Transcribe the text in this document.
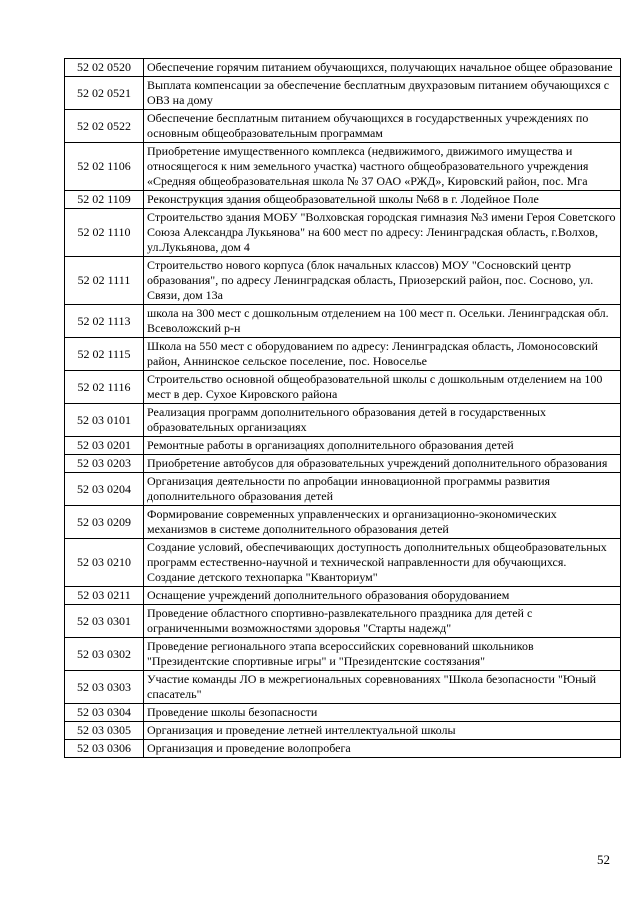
52 02 0520	Обеспечение горячим питанием обучающихся, получающих начальное общее образование
52 02 0521	Выплата компенсации за обеспечение бесплатным двухразовым питанием обучающихся с ОВЗ на дому
52 02 0522	Обеспечение бесплатным питанием обучающихся в государственных учреждениях по основным общеобразовательным программам
52 02 1106	Приобретение имущественного комплекса (недвижимого, движимого имущества и относящегося к ним земельного участка) частного общеобразовательного учреждения «Средняя общеобразовательная школа № 37 ОАО «РЖД», Кировский район, пос. Мга
52 02 1109	Реконструкция здания общеобразовательной школы №68 в г. Лодейное Поле
52 02 1110	Строительство здания МОБУ "Волховская городская гимназия №3 имени Героя Советского Союза Александра Лукьянова" на 600 мест по адресу: Ленинградская область, г.Волхов, ул.Лукьянова, дом 4
52 02 1111	Строительство нового корпуса (блок начальных классов) МОУ "Сосновский центр образования", по адресу Ленинградская область, Приозерский район, пос. Сосново, ул. Связи, дом 13а
52 02 1113	школа на 300 мест с дошкольным отделением на 100 мест п. Осельки. Ленинградская обл. Всеволожский р-н
52 02 1115	Школа на 550 мест с оборудованием по адресу: Ленинградская область, Ломоносовский район, Аннинское сельское поселение, пос. Новоселье
52 02 1116	Строительство основной общеобразовательной школы с дошкольным отделением на 100 мест в дер. Сухое Кировского района
52 03 0101	Реализация программ дополнительного образования детей в государственных образовательных организациях
52 03 0201	Ремонтные работы в организациях дополнительного образования детей
52 03 0203	Приобретение автобусов для образовательных учреждений дополнительного образования
52 03 0204	Организация деятельности по апробации инновационной программы развития дополнительного образования детей
52 03 0209	Формирование современных управленческих и организационно-экономических механизмов в системе дополнительного образования детей
52 03 0210	Создание условий, обеспечивающих доступность дополнительных общеобразовательных программ естественно-научной и технической направленности для обучающихся. Создание детского технопарка "Кванториум"
52 03 0211	Оснащение учреждений дополнительного образования оборудованием
52 03 0301	Проведение областного спортивно-развлекательного праздника для детей с ограниченными возможностями здоровья "Старты надежд"
52 03 0302	Проведение регионального этапа всероссийских соревнований школьников "Президентские спортивные игры" и "Президентские состязания"
52 03 0303	Участие команды ЛО в межрегиональных соревнованиях "Школа безопасности "Юный спасатель"
52 03 0304	Проведение школы безопасности
52 03 0305	Организация и проведение летней интеллектуальной школы
52 03 0306	Организация и проведение волопробега
52
